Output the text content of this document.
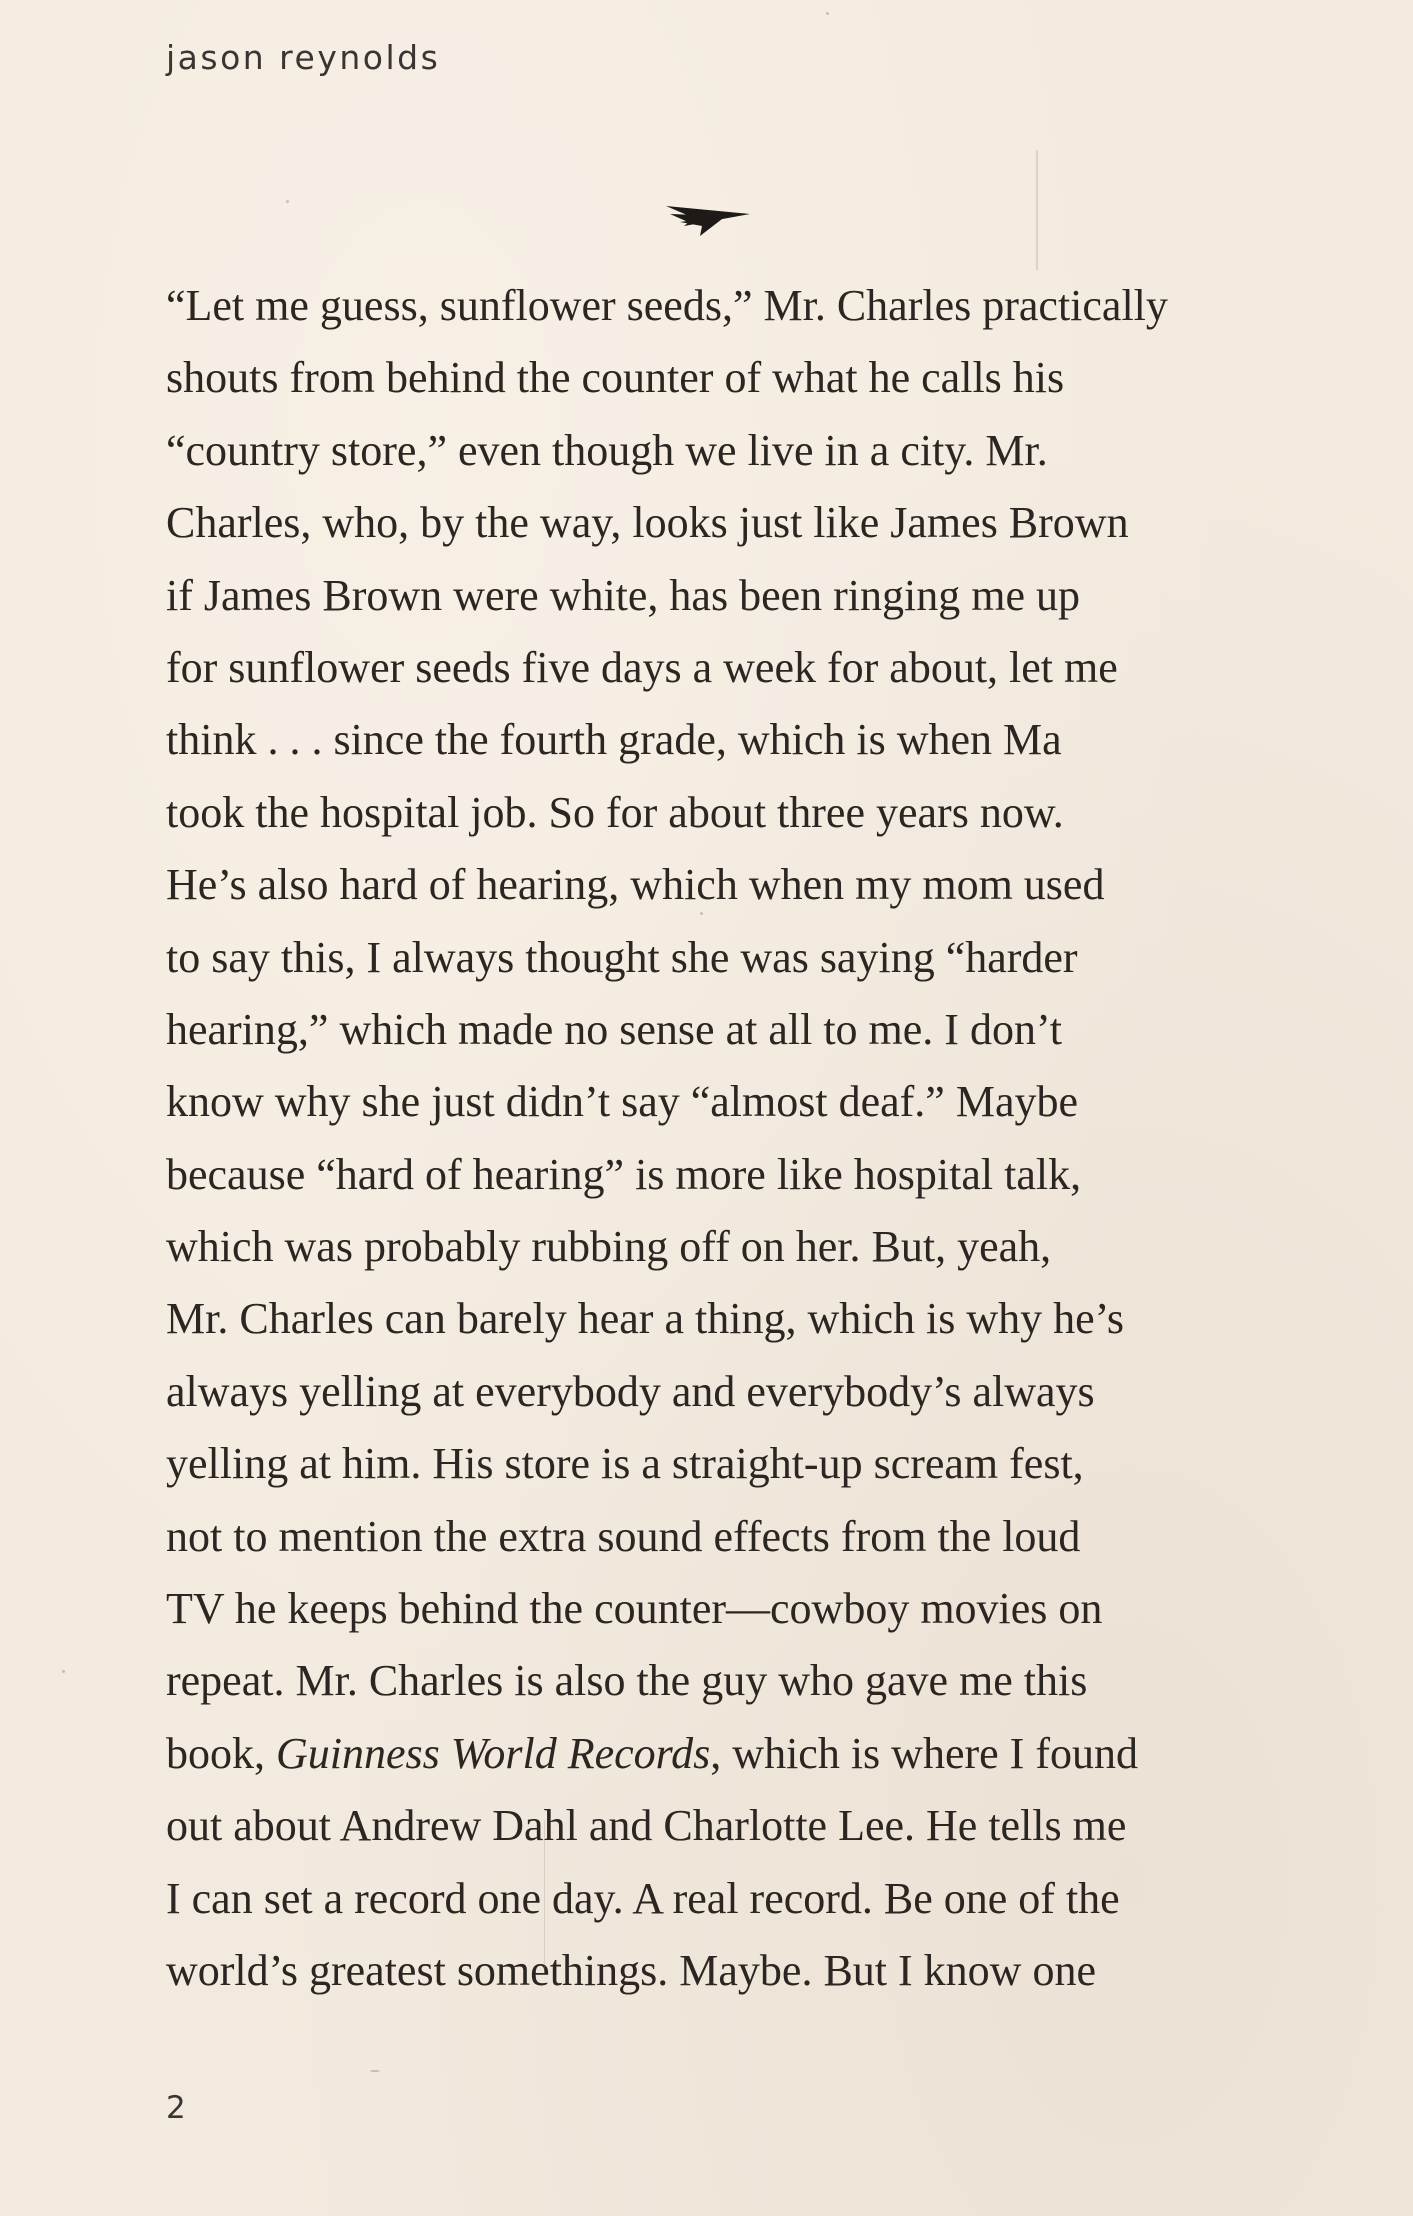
jason reynolds

“Let me guess, sunflower seeds,” Mr. Charles practically
shouts from behind the counter of what he calls his
“country store,” even though we live in a city. Mr.
Charles, who, by the way, looks just like James Brown
if James Brown were white, has been ringing me up
for sunflower seeds five days a week for about, let me
think . . . since the fourth grade, which is when Ma
took the hospital job. So for about three years now.
He’s also hard of hearing, which when my mom used
to say this, I always thought she was saying “harder
hearing,” which made no sense at all to me. I don’t
know why she just didn’t say “almost deaf.” Maybe
because “hard of hearing” is more like hospital talk,
which was probably rubbing off on her. But, yeah,
Mr. Charles can barely hear a thing, which is why he’s
always yelling at everybody and everybody’s always
yelling at him. His store is a straight-up scream fest,
not to mention the extra sound effects from the loud
TV he keeps behind the counter—cowboy movies on
repeat. Mr. Charles is also the guy who gave me this
book, Guinness World Records, which is where I found
out about Andrew Dahl and Charlotte Lee. He tells me
I can set a record one day. A real record. Be one of the
world’s greatest somethings. Maybe. But I know one
2
